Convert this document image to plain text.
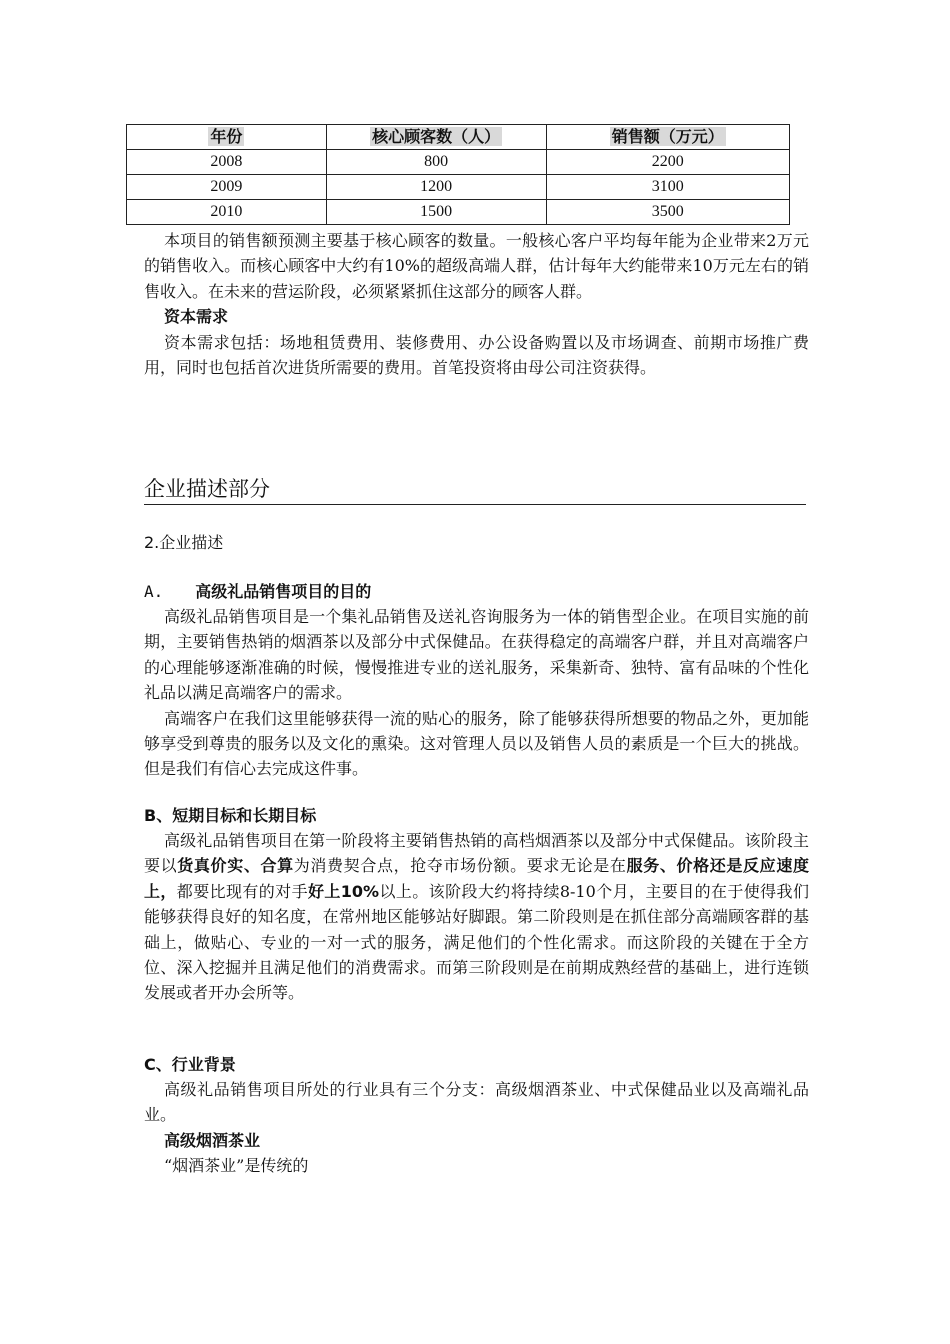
年份	核心顾客数（人）	销售额（万元）
2008	800	2200
2009	1200	3100
2010	1500	3500

本项目的销售额预测主要基于核心顾客的数量。一般核心客户平均每年能为企业带来2万元的销售收入。而核心顾客中大约有10%的超级高端人群，估计每年大约能带来10万元左右的销售收入。在未来的营运阶段，必须紧紧抓住这部分的顾客人群。

资本需求

资本需求包括：场地租赁费用、装修费用、办公设备购置以及市场调查、前期市场推广费用，同时也包括首次进货所需要的费用。首笔投资将由母公司注资获得。

企业描述部分
2.企业描述
A. 高级礼品销售项目的目的

高级礼品销售项目是一个集礼品销售及送礼咨询服务为一体的销售型企业。在项目实施的前期，主要销售热销的烟酒茶以及部分中式保健品。在获得稳定的高端客户群，并且对高端客户的心理能够逐渐准确的时候，慢慢推进专业的送礼服务，采集新奇、独特、富有品味的个性化礼品以满足高端客户的需求。

高端客户在我们这里能够获得一流的贴心的服务，除了能够获得所想要的物品之外，更加能够享受到尊贵的服务以及文化的熏染。这对管理人员以及销售人员的素质是一个巨大的挑战。但是我们有信心去完成这件事。

B、短期目标和长期目标

高级礼品销售项目在第一阶段将主要销售热销的高档烟酒茶以及部分中式保健品。该阶段主要以货真价实、合算为消费契合点，抢夺市场份额。要求无论是在服务、价格还是反应速度上，都要比现有的对手好上10%以上。该阶段大约将持续8-10个月，主要目的在于使得我们能够获得良好的知名度，在常州地区能够站好脚跟。第二阶段则是在抓住部分高端顾客群的基础上，做贴心、专业的一对一式的服务，满足他们的个性化需求。而这阶段的关键在于全方位、深入挖掘并且满足他们的消费需求。而第三阶段则是在前期成熟经营的基础上，进行连锁发展或者开办会所等。

C、行业背景

高级礼品销售项目所处的行业具有三个分支：高级烟酒茶业、中式保健品业以及高端礼品业。

高级烟酒茶业

“烟酒茶业”是传统的
